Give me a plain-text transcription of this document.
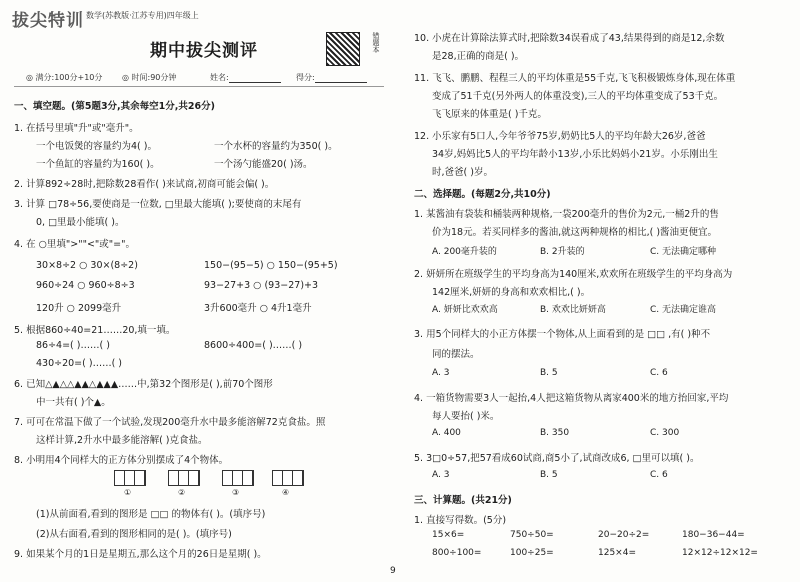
拔尖特训 数学(苏教版·江苏专用)四年级上
期中拔尖测评	错题本
◎ 满分:100分+10分 ◎ 时间:90分钟	姓名:	得分:
一、填空题。(第5题3分,其余每空1分,共26分)
1. 在括号里填"升"或"毫升"。
一个电饭煲的容量约为4( )。	一个水杯的容量约为350( )。
一个鱼缸的容量约为160( )。	一个汤勺能盛20( )汤。
2. 计算892÷28时,把除数28看作( )来试商,初商可能会偏( )。
3. 计算 □78÷56,要使商是一位数, □里最大能填( );要使商的末尾有
0, □里最小能填( )。
4. 在 ○里填">""<"或"="。
30×8÷2 ○ 30×(8÷2)	150−(95−5) ○ 150−(95+5)
960÷24 ○ 960÷8÷3	93−27+3 ○ (93−27)+3
120升 ○ 2099毫升	3升600毫升 ○ 4升1毫升
5. 根据860÷40=21……20,填一填。
86÷4=( )……( )	8600÷400=( )……( )
430÷20=( )……( )
6. 已知△▲△△▲▲△▲▲▲……中,第32个图形是( ),前70个图形
中一共有( )个▲。
7. 可可在常温下做了一个试验,发现200毫升水中最多能溶解72克食盐。照
这样计算,2升水中最多能溶解( )克食盐。
8. 小明用4个同样大的正方体分别摆成了4个物体。
①	②	③	④
(1)从前面看,看到的图形是 □□ 的物体有( )。(填序号)
(2)从右面看,看到的图形相同的是( )。(填序号)
9. 如果某个月的1日是星期五,那么这个月的26日是星期( )。
10. 小虎在计算除法算式时,把除数34误看成了43,结果得到的商是12,余数
是28,正确的商是( )。
11. 飞飞、鹏鹏、程程三人的平均体重是55千克,飞飞积极锻炼身体,现在体重
变成了51千克(另外两人的体重没变),三人的平均体重变成了53千克。
飞飞原来的体重是( )千克。
12. 小乐家有5口人,今年爷爷75岁,奶奶比5人的平均年龄大26岁,爸爸
34岁,妈妈比5人的平均年龄小13岁,小乐比妈妈小21岁。小乐刚出生
时,爸爸( )岁。
二、选择题。(每题2分,共10分)
1. 某酱油有袋装和桶装两种规格,一袋200毫升的售价为2元,一桶2升的售
价为18元。若买同样多的酱油,就这两种规格的相比,( )酱油更便宜。
A. 200毫升装的	B. 2升装的	C. 无法确定哪种
2. 妍妍所在班级学生的平均身高为140厘米,欢欢所在班级学生的平均身高为
142厘米,妍妍的身高和欢欢相比,( )。
A. 妍妍比欢欢高	B. 欢欢比妍妍高	C. 无法确定谁高
3. 用5个同样大的小正方体摆一个物体,从上面看到的是 □□ ,有( )种不
同的摆法。
A. 3	B. 5	C. 6
4. 一箱货物需要3人一起抬,4人把这箱货物从离家400米的地方抬回家,平均
每人要抬( )米。
A. 400	B. 350	C. 300
5. 3□0÷57,把57看成60试商,商5小了,试商改成6, □里可以填( )。
A. 3	B. 5	C. 6
三、计算题。(共21分)
1. 直接写得数。(5分)
15×6=	750÷50=	20−20÷2=	180−36−44=
800÷100=	100÷25=	125×4=	12×12÷12×12=
9
